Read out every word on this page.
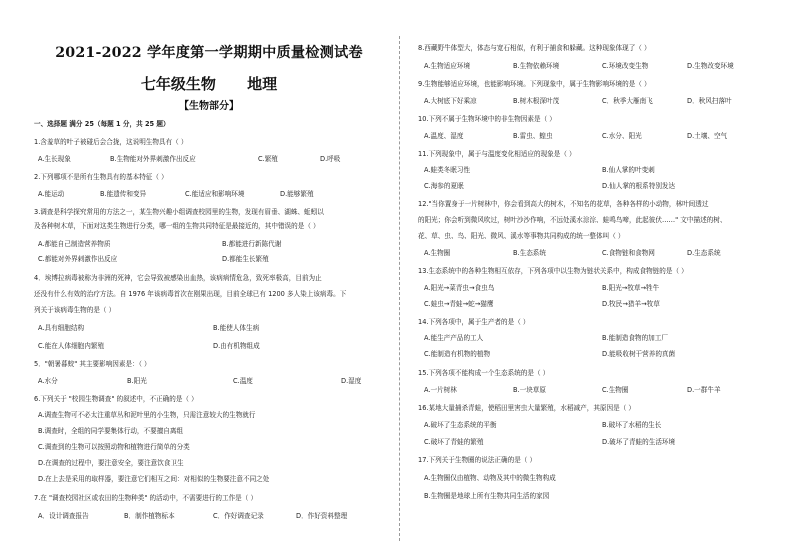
2021-2022 学年度第一学期期中质量检测试卷
七年级生物      地理
【生物部分】
一、选择题 满分 25（每题 1 分，共 25 题）
1.含羞草的叶子被碰后会合拢，这说明生物具有（ ）
A.生长现象	B.生物能对外界刺激作出反应	C.繁殖	D.呼吸
2.下列哪项不是所有生物具有的基本特征（ ）
A.能运动	B.能遗传和变异	C.能适应和影响环境	D.能够繁殖
3.调查是科学探究常用的方法之一，某生物兴趣小组调查校园里的生物，发现有眉垂、湖蛛、蚯蚓以
及各种树木草，下面对这类生物进行分类，哪一组的生物共同特征是最接近的，其中错误的是（ ）
A.都能自己制造营养物质	B.都能进行新陈代谢
C.都能对外界刺激作出反应	D.都能生长繁殖
4．埃博拉病毒被称为非洲的死神，它会导致被感染出血热，该病病情危急，致死率极高，目前为止
还没有什么有效的治疗方法。自 1976 年该病毒首次在刚果出现，目前全球已有 1200 多人染上该病毒。下
列关于该病毒生物的是（ ）
A.具有细胞结构	B.能使人体生病
C.能在人体细胞内繁殖	D.由有机物组成
5．"朝暑暮蛟" 其主要影响因素是：（ ）
A.水分	B.阳光	C.温度	D.湿度
6.下列关于 "校园生物调查" 的叙述中，不正确的是（ ）
A.调查生物可不必太注重草丛和泥叶里的小生物，只需注意较大的生物就行
B.调查时，全组的同学要集体行动，不要擅自离组
C.调查到的生物可以按照动物和植物进行简单的分类
D.在调查的过程中，要注意安全，要注意饮食卫生
D.在上去是采用的取样器，要注意它们相互之间：对相似的生物要注意不同之处
7.在 "调查校园社区或农田的生物种类" 的活动中，不需要进行的工作是（ ）
A．设计调查报告	B．制作植物标本	C．作好调查记录	D．作好资料整理
8.西藏野牛体型大，体态与宽石相似，有利于捕食和躲藏。这种现象体现了（ ）
A.生物适应环境	B.生物依赖环境	C.环境改变生物	D.生物改变环境
9.生物能够适应环境，也能影响环境。下列现象中，属于生物影响环境的是（ ）
A.大树底下好乘凉	B.树木根深叶茂	C．秋季大雁南飞	D．秋风扫落叶
10.下列不属于生物环境中的非生物因素是（ ）
A.温度、湿度	B.雷虫、蝗虫	C.水分、阳光	D.土壤、空气
11.下列现象中，属于与温度变化相适应的现象是（ ）
A.蛙类冬眠习性	B.仙人掌的叶变刺
C.海参的夏眠	D.仙人掌的根系特别发达
12."当你置身于一片树林中，你会看到高大的树木，不知名的花草，各种各样的小动物，林叶间透过
的阳光；你会听到微风吹过，树叶沙沙作响，不远处溪水淙淙、蛙鸣鸟啼，此起彼伏……" 文中描述的树、
花、草、虫、鸟、阳光、微风、溪水等事物共同构成的统一整体叫（ ）
A.生物圈	B.生态系统	C.食物链和食物网	D.生态系统
13.生态系统中的各种生物相互依存，下列各项中以生物为链状关系中，构成食物链的是（ ）
A.阳光→菜青虫→食虫鸟	B.阳光→牧草→牲牛
C.蛙虫→青蛙→蛇→猫鹰	D.牧民→猎羊→牧草
14.下列各项中，属于生产者的是（ ）
A.能生产产品的工人	B.能制造食物的加工厂
C.能制造有机物的植物	D.能吸收树干营养的真菌
15.下列各项不能构成一个生态系统的是（ ）
A.一片树林	B.一块草原	C.生物圈	D.一群牛羊
16.某地大量捕杀青蛙，使稻田里害虫大量繁殖，水稻减产，其原因是（ ）
A.破坏了生态系统的平衡	B.破坏了水稻的生长
C.破坏了青蛙的繁殖	D.破坏了青蛙的生活环境
17.下列关于生物圈的说法正确的是（ ）
A.生物圈仅由植物、动物及其中的微生物构成
B.生物圈是地球上所有生物共同生活的家园
